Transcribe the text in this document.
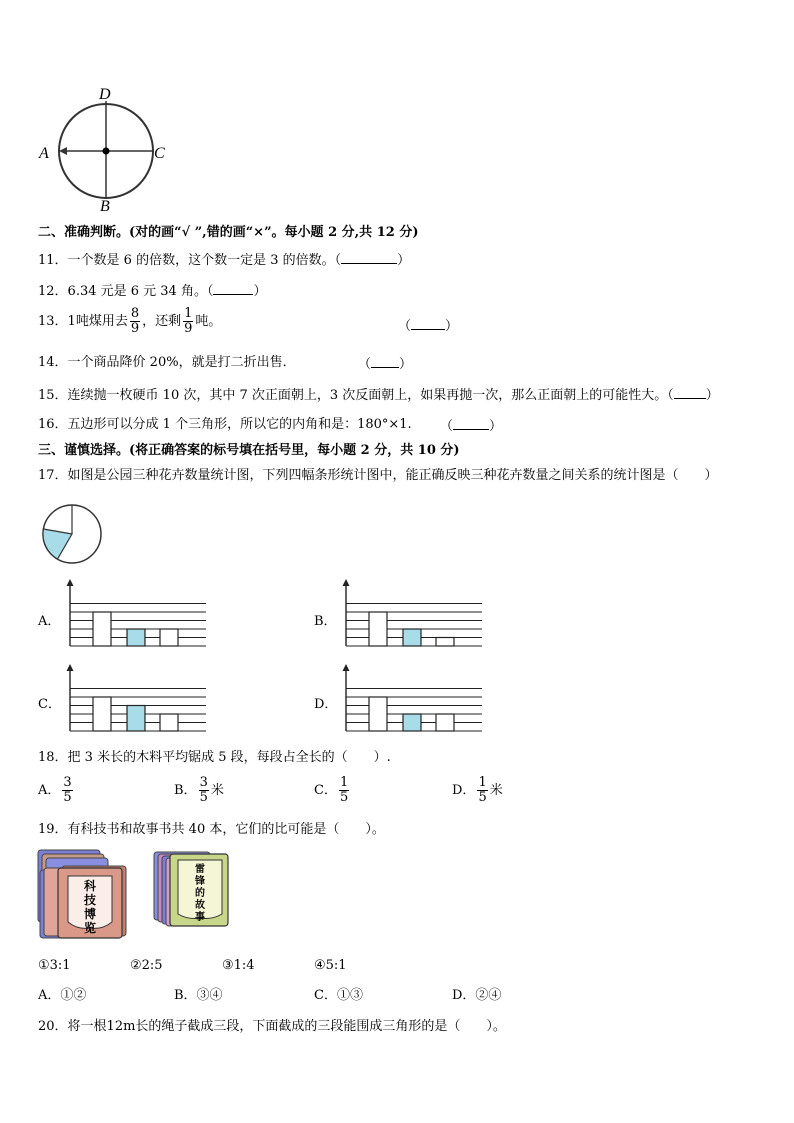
D
A	C
B
二、准确判断。(对的画“√ ”,错的画“×”。每小题 2 分,共 12 分)
11．一个数是 6 的倍数，这个数一定是 3 的倍数。（	）
12．6.34 元是 6 元 34 角。（	）
13．1吨煤用去 $\frac{8}{9}$ ，还剩 $\frac{1}{9}$ 吨。	（	）
14．一个商品降价 20%，就是打二折出售．	（ ）
15．连续抛一枚硬币 10 次，其中 7 次正面朝上，3 次反面朝上，如果再抛一次，那么正面朝上的可能性大。（ ）
16．五边形可以分成 1 个三角形，所以它的内角和是：180°×1. （	）
三、谨慎选择。(将正确答案的标号填在括号里，每小题 2 分，共 10 分)
17．如图是公园三种花卉数量统计图，下列四幅条形统计图中，能正确反映三种花卉数量之间关系的统计图是（　　）
A．	B．
C．	D．
18．把 3 米长的木料平均锯成 5 段，每段占全长的（　　）.
A． $\frac{3}{5}$	B． $\frac{3}{5}$ 米	C． $\frac{1}{5}$	D． $\frac{1}{5}$ 米
19．有科技书和故事书共 40 本，它们的比可能是（　　）。
科
技
博
览
雷
锋
的
故
事
①3:1	②2:5	③1:4	④5:1
A．①②	B．③④	C．①③	D．②④
20．将一根12m长的绳子截成三段，下面截成的三段能围成三角形的是（　　）。
